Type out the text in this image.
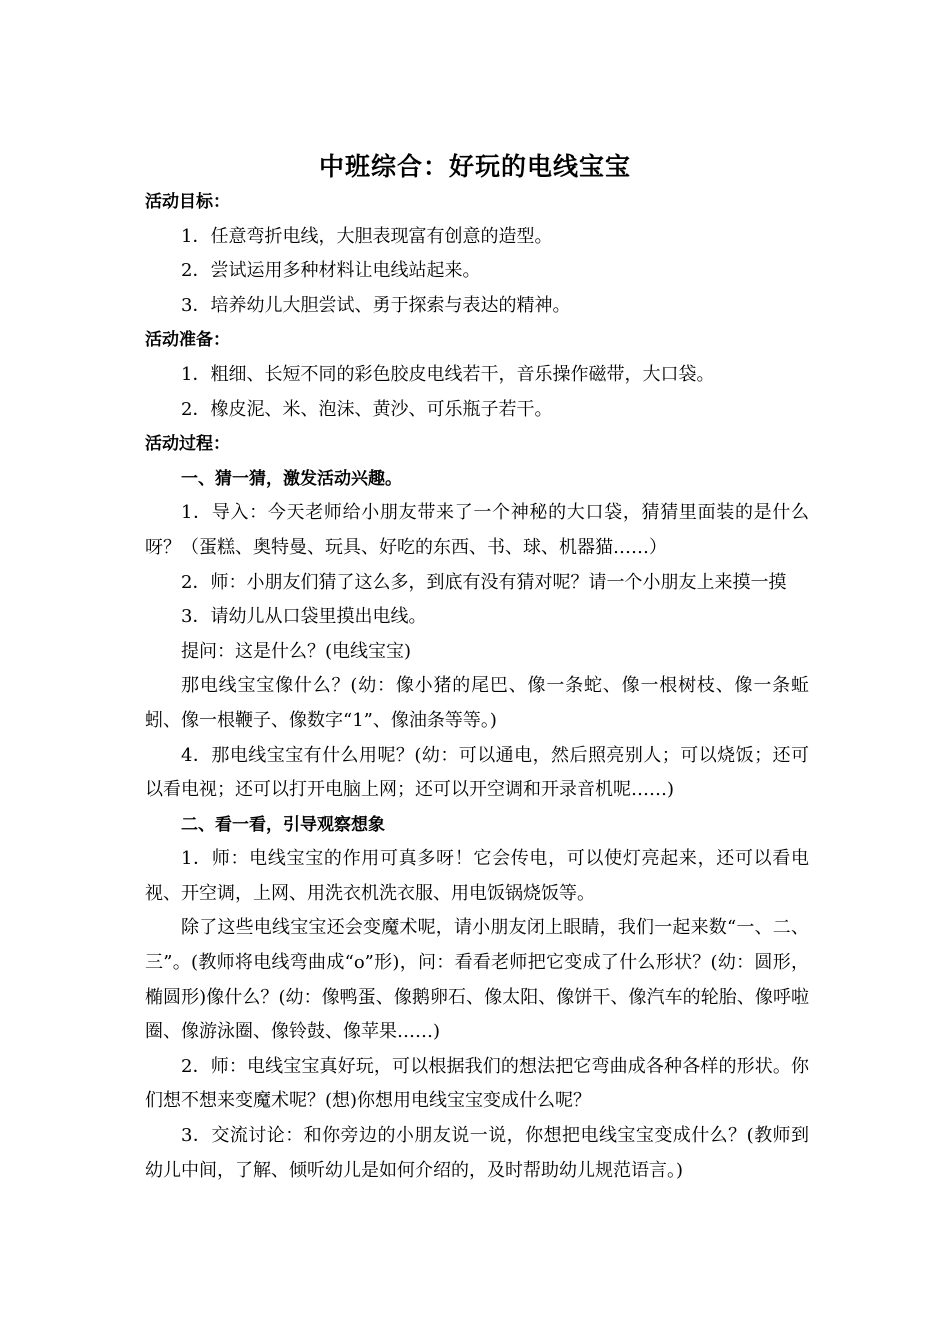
中班综合：好玩的电线宝宝

活动目标：

1．任意弯折电线，大胆表现富有创意的造型。

2．尝试运用多种材料让电线站起来。

3．培养幼儿大胆尝试、勇于探索与表达的精神。

活动准备：

1．粗细、长短不同的彩色胶皮电线若干，音乐操作磁带，大口袋。

2．橡皮泥、米、泡沫、黄沙、可乐瓶子若干。

活动过程：

一、猜一猜，激发活动兴趣。

1．导入：今天老师给小朋友带来了一个神秘的大口袋，猜猜里面装的是什么呀？（蛋糕、奥特曼、玩具、好吃的东西、书、球、机器猫……）

2．师：小朋友们猜了这么多，到底有没有猜对呢？请一个小朋友上来摸一摸

3．请幼儿从口袋里摸出电线。

提问：这是什么？(电线宝宝)

那电线宝宝像什么？(幼：像小猪的尾巴、像一条蛇、像一根树枝、像一条蚯蚓、像一根鞭子、像数字“1”、像油条等等。)

4．那电线宝宝有什么用呢？(幼：可以通电，然后照亮别人；可以烧饭；还可以看电视；还可以打开电脑上网；还可以开空调和开录音机呢……)

二、看一看，引导观察想象

1．师：电线宝宝的作用可真多呀！它会传电，可以使灯亮起来，还可以看电视、开空调，上网、用洗衣机洗衣服、用电饭锅烧饭等。

除了这些电线宝宝还会变魔术呢，请小朋友闭上眼睛，我们一起来数“一、二、三”。(教师将电线弯曲成“o”形)，问：看看老师把它变成了什么形状？(幼：圆形，椭圆形)像什么？(幼：像鸭蛋、像鹅卵石、像太阳、像饼干、像汽车的轮胎、像呼啦圈、像游泳圈、像铃鼓、像苹果……)

2．师：电线宝宝真好玩，可以根据我们的想法把它弯曲成各种各样的形状。你们想不想来变魔术呢？(想)你想用电线宝宝变成什么呢？

3．交流讨论：和你旁边的小朋友说一说，你想把电线宝宝变成什么？(教师到幼儿中间，了解、倾听幼儿是如何介绍的，及时帮助幼儿规范语言。)
